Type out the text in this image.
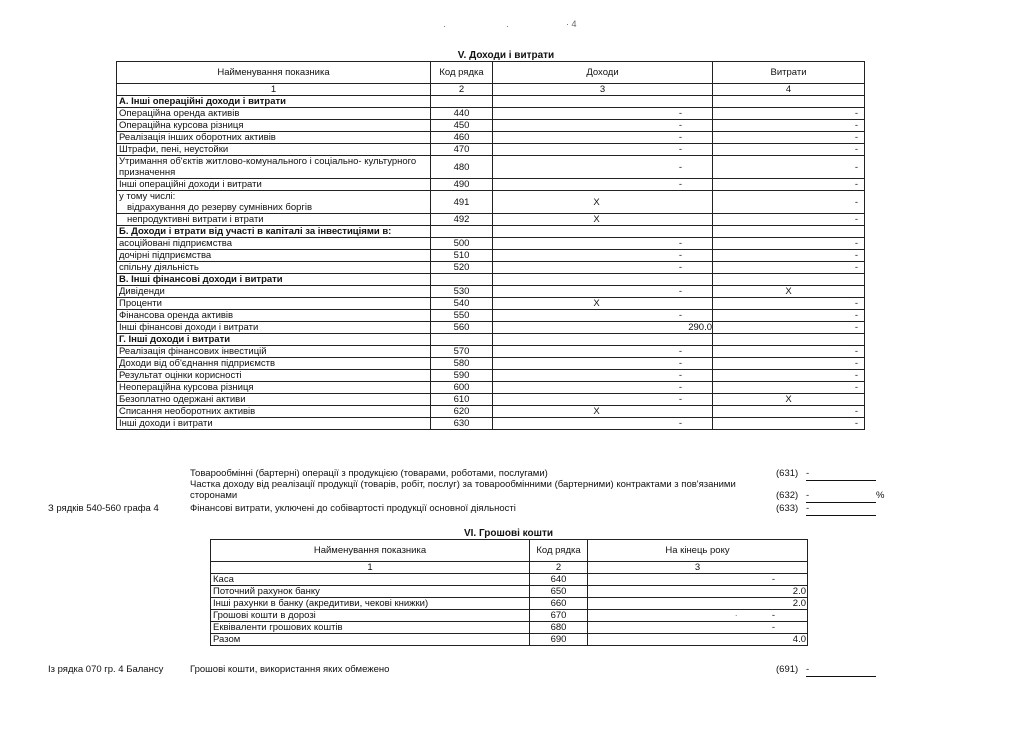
·	·	· 4
V. Доходи і витрати
Найменування показника	Код рядка	Доходи	Витрати
1	2	3	4
А. Інші операційні доходи і витрати			
Операційна оренда активів	440	-	-
Операційна курсова різниця	450	-	-
Реалізація інших оборотних активів	460	-	-
Штрафи, пені, неустойки	470	-	-
Утримання об'єктів житлово-комунального і соціально- культурного призначення	480	-	-
Інші операційні доходи і витрати	490	-	-
у тому числі:
відрахування до резерву сумнівних боргів	491	X	-
непродуктивні витрати і втрати	492	X	-
Б. Доходи і втрати від участі в капіталі за інвестиціями в:			
асоційовані підприємства	500	-	-
дочірні підприємства	510	-	-
спільну діяльність	520	-	-
В. Інші фінансові доходи і витрати			
Дивіденди	530	-	X
Проценти	540	X	-
Фінансова оренда активів	550	-	-
Інші фінансові доходи і витрати	560	290.0	-
Г. Інші доходи і витрати			
Реалізація фінансових інвестицій	570	-	-
Доходи від об'єднання підприємств	580	-	-
Результат оцінки корисності	590	-	-
Неопераційна курсова різниця	600	-	-
Безоплатно одержані активи	610	-	X
Списання необоротних активів	620	X	-
Інші доходи і витрати	630	-	-
Товарообмінні (бартерні) операції з продукцією (товарами, роботами, послугами)	(631) -
Частка доходу від реалізації продукції (товарів, робіт, послуг) за товарообмінними (бартерними) контрактами з пов'язаними сторонами	(632) -	%
З рядків 540-560 графа 4	Фінансові витрати, уключені до собівартості продукції основної діяльності	(633) -
VI. Грошові кошти
Найменування показника	Код рядка	На кінець року
1	2	3
Каса	640	-
Поточний рахунок банку	650	2.0
Інші рахунки в банку (акредитиви, чекові книжки)	660	2.0
Грошові кошти в дорозі	670	· -
Еквіваленти грошових коштів	680	-
Разом	690	4.0
Із рядка 070 гр. 4 Балансу	Грошові кошти, використання яких обмежено	(691) -
